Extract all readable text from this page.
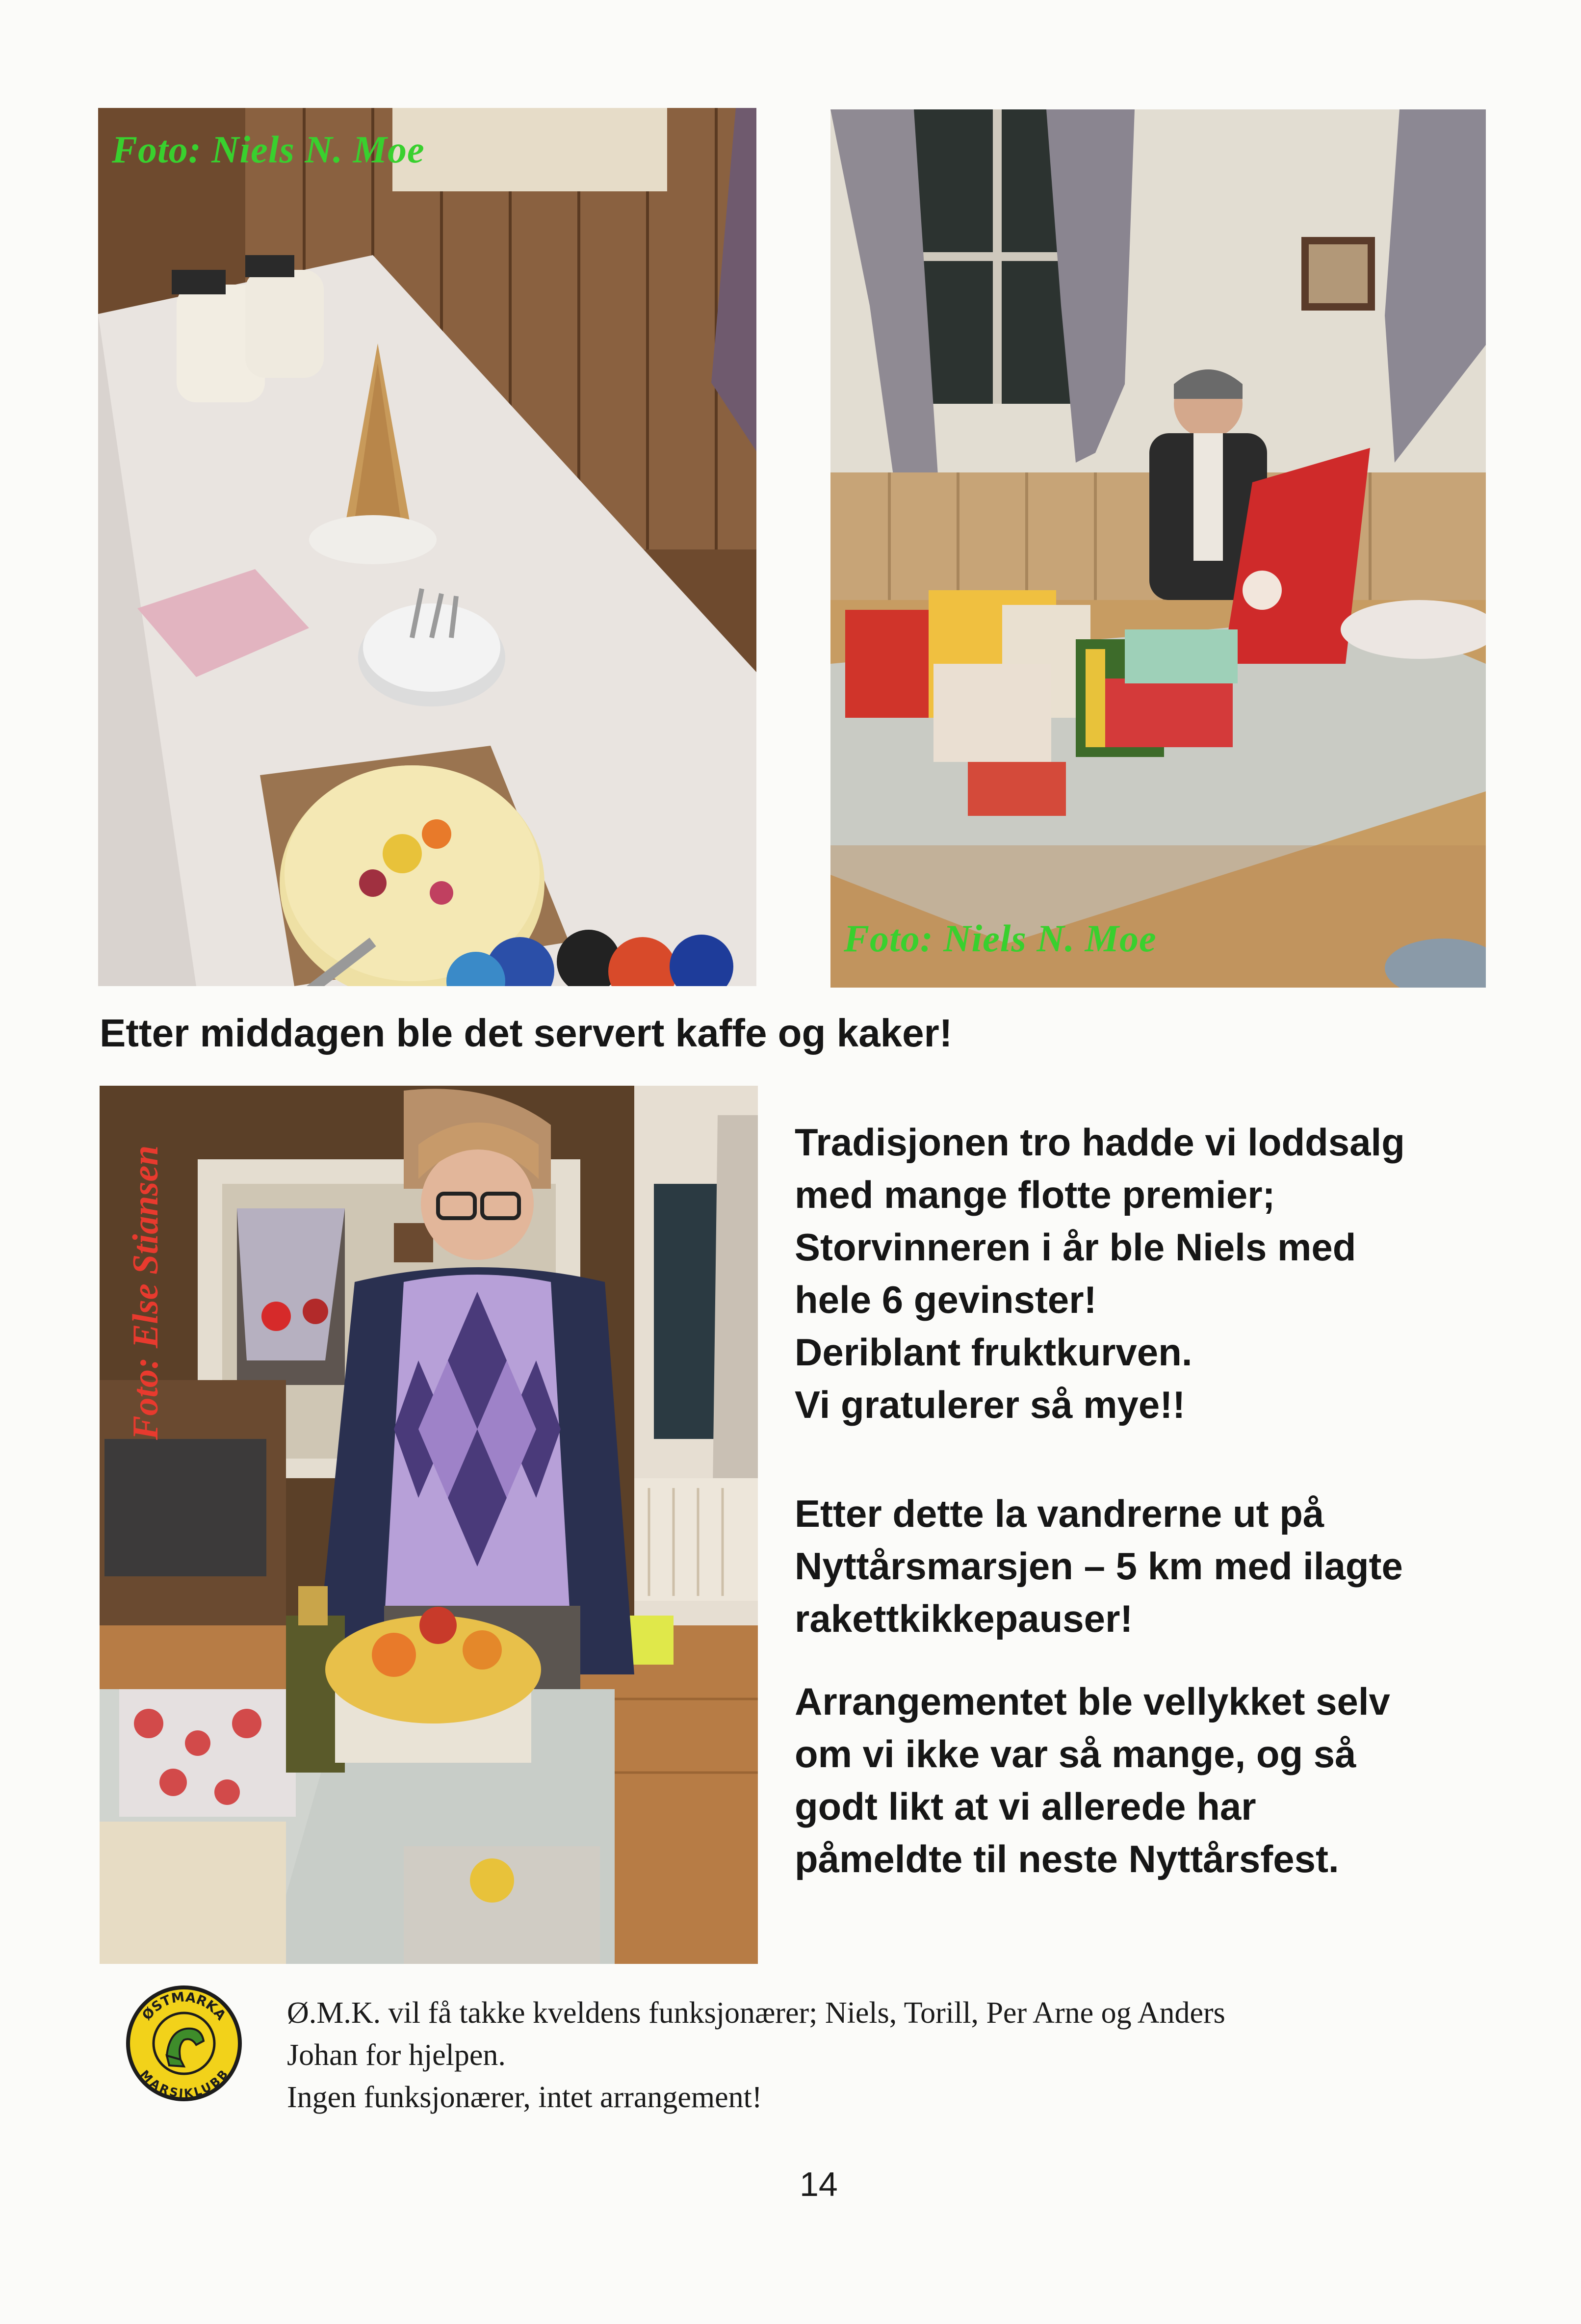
Foto: Niels N. Moe
Foto: Niels N. Moe
Etter middagen ble det servert kaffe og kaker!
Foto: Else Stiansen
Tradisjonen tro hadde vi loddsalg
med mange flotte premier;
Storvinneren i år ble Niels med
hele 6 gevinster!
Deriblant fruktkurven.
Vi gratulerer så mye!!
Etter dette la vandrerne ut på
Nyttårsmarsjen – 5 km med ilagte
rakettkikkepauser!
Arrangementet ble vellykket selv
om vi ikke var så mange, og så
godt likt at vi allerede har
påmeldte til neste Nyttårsfest.
ØSTMARKA
MARSJKLUBB
Ø.M.K. vil få takke kveldens funksjonærer; Niels, Torill, Per Arne og Anders
Johan for hjelpen.
Ingen funksjonærer, intet arrangement!
14
